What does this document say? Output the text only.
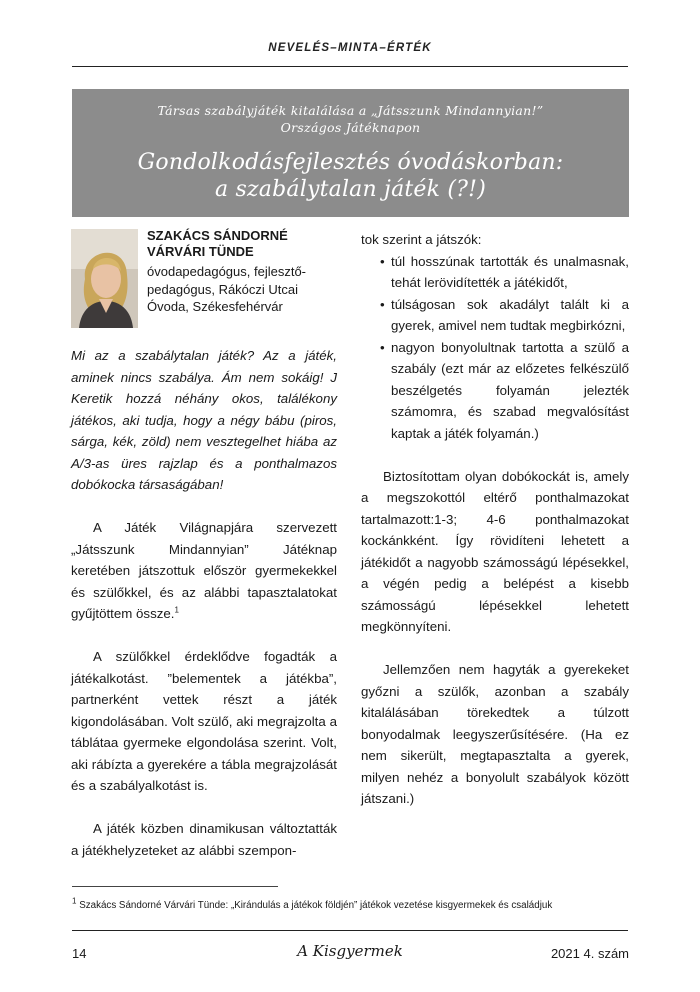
NEVELÉS–MINTA–ÉRTÉK
Társas szabályjáték kitalálása a „Játsszunk Mindannyian!”
Országos Játéknapon
Gondolkodásfejlesztés óvodáskorban:
a szabálytalan játék (?!)
SZAKÁCS SÁNDORNÉ
VÁRVÁRI TÜNDE
óvodapedagógus, fejlesztő-
pedagógus, Rákóczi Utcai
Óvoda, Székesfehérvár

Mi az a szabálytalan játék? Az a játék, aminek nincs szabálya. Ám nem sokáig! J Keretik hozzá néhány okos, találékony játékos, aki tudja, hogy a négy bábu (piros, sárga, kék, zöld) nem vesztegelhet hiába az A/3-as üres rajzlap és a ponthalmazos dobókocka társaságában!

A Játék Világnapjára szervezett „Játsszunk Mindannyian” Játéknap keretében játszottuk először gyermekekkel és szülőkkel, és az alábbi tapasztalatokat gyűjtöttem össze.$^1$

A szülőkkel érdeklődve fogadták a játékalkotást. ”belementek a játékba”, partnerként vettek részt a játék kigondolásában. Volt szülő, aki megrajzolta a táblátaa gyermeke elgondolása szerint. Volt, aki rábízta a gyerekére a tábla megrajzolását és a szabályalkotást is.

A játék közben dinamikusan változtatták a játékhelyzeteket az alábbi szempon-

tok szerint a játszók:

• túl hosszúnak tartották és unalmasnak, tehát lerövidítették a játékidőt,
• túlságosan sok akadályt talált ki a gyerek, amivel nem tudtak megbirkózni,
• nagyon bonyolultnak tartotta a szülő a szabály (ezt már az előzetes felkészülő beszélgetés folyamán jelezték számomra, és szabad megvalósítást kaptak a játék folyamán.)

Biztosítottam olyan dobókockát is, amely a megszokottól eltérő ponthalmazokat tartalmazott:1-3; 4-6 ponthalmazokat kockánkként. Így rövidíteni lehetett a játékidőt a nagyobb számosságú lépésekkel, a végén pedig a belépést a kisebb számosságú lépésekkel lehetett megkönnyíteni.

Jellemzően nem hagyták a gyerekeket győzni a szülők, azonban a szabály kitalálásában törekedtek a túlzott bonyodalmak leegyszerűsítésére. (Ha ez nem sikerült, megtapasztalta a gyerek, milyen nehéz a bonyolult szabályok között játszani.)

$^1$ Szakács Sándorné Várvári Tünde: „Kirándulás a játékok földjén” játékok vezetése kisgyermekek és családjuk
14	A Kisgyermek	2021 4. szám
